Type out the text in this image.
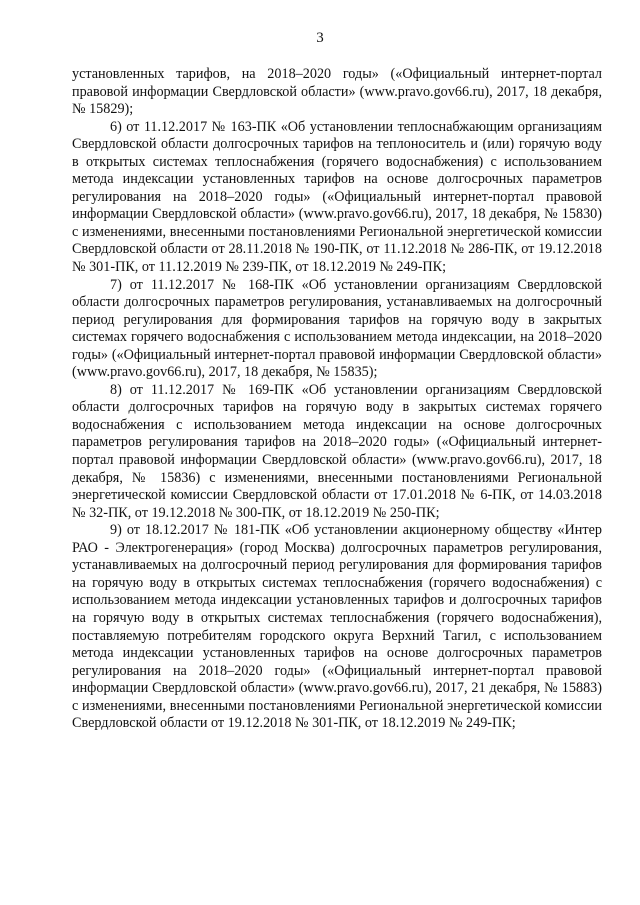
3

установленных тарифов, на 2018–2020 годы» («Официальный интернет-портал правовой информации Свердловской области» (www.pravo.gov66.ru), 2017, 18 декабря, № 15829);

6) от 11.12.2017 № 163-ПК «Об установлении теплоснабжающим организациям Свердловской области долгосрочных тарифов на теплоноситель и (или) горячую воду в открытых системах теплоснабжения (горячего водоснабжения) с использованием метода индексации установленных тарифов на основе долгосрочных параметров регулирования на 2018–2020 годы» («Официальный интернет-портал правовой информации Свердловской области» (www.pravo.gov66.ru), 2017, 18 декабря, № 15830) с изменениями, внесенными постановлениями Региональной энергетической комиссии Свердловской области от 28.11.2018 № 190-ПК, от 11.12.2018 № 286-ПК, от 19.12.2018 № 301-ПК, от 11.12.2019 № 239-ПК, от 18.12.2019 № 249-ПК;

7) от 11.12.2017 № 168-ПК «Об установлении организациям Свердловской области долгосрочных параметров регулирования, устанавливаемых на долгосрочный период регулирования для формирования тарифов на горячую воду в закрытых системах горячего водоснабжения с использованием метода индексации, на 2018–2020 годы» («Официальный интернет-портал правовой информации Свердловской области» (www.pravo.gov66.ru), 2017, 18 декабря, № 15835);

8) от 11.12.2017 № 169-ПК «Об установлении организациям Свердловской области долгосрочных тарифов на горячую воду в закрытых системах горячего водоснабжения с использованием метода индексации на основе долгосрочных параметров регулирования тарифов на 2018–2020 годы» («Официальный интернет-портал правовой информации Свердловской области» (www.pravo.gov66.ru), 2017, 18 декабря, № 15836) с изменениями, внесенными постановлениями Региональной энергетической комиссии Свердловской области от 17.01.2018 № 6-ПК, от 14.03.2018 № 32-ПК, от 19.12.2018 № 300-ПК, от 18.12.2019 № 250-ПК;

9) от 18.12.2017 № 181-ПК «Об установлении акционерному обществу «Интер РАО - Электрогенерация» (город Москва) долгосрочных параметров регулирования, устанавливаемых на долгосрочный период регулирования для формирования тарифов на горячую воду в открытых системах теплоснабжения (горячего водоснабжения) с использованием метода индексации установленных тарифов и долгосрочных тарифов на горячую воду в открытых системах теплоснабжения (горячего водоснабжения), поставляемую потребителям городского округа Верхний Тагил, с использованием метода индексации установленных тарифов на основе долгосрочных параметров регулирования на 2018–2020 годы» («Официальный интернет-портал правовой информации Свердловской области» (www.pravo.gov66.ru), 2017, 21 декабря, № 15883) с изменениями, внесенными постановлениями Региональной энергетической комиссии Свердловской области от 19.12.2018 № 301-ПК, от 18.12.2019 № 249-ПК;
